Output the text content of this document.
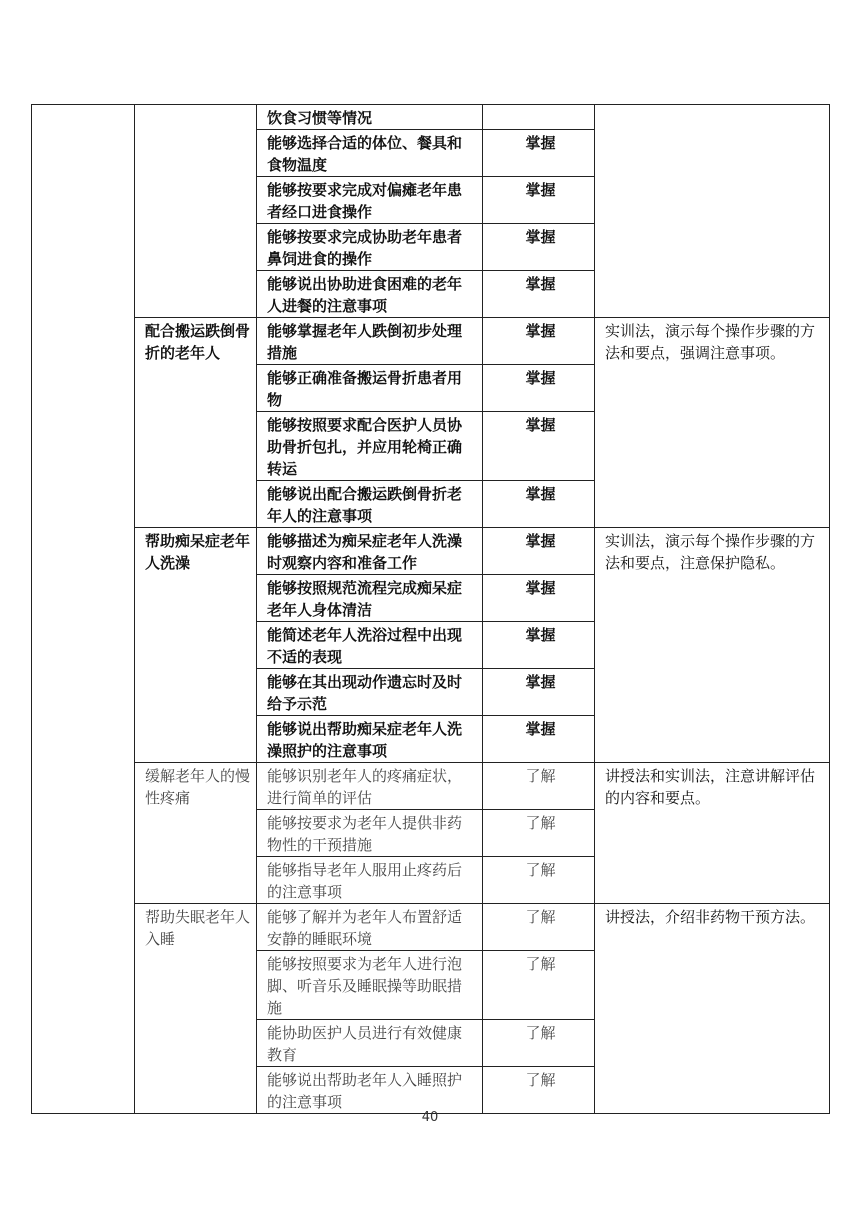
		饮食习惯等情况		
		能够选择合适的体位、餐具和食物温度	掌握	
		能够按要求完成对偏瘫老年患者经口进食操作	掌握	
		能够按要求完成协助老年患者鼻饲进食的操作	掌握	
		能够说出协助进食困难的老年人进餐的注意事项	掌握	
	配合搬运跌倒骨折的老年人	能够掌握老年人跌倒初步处理措施	掌握	实训法，演示每个操作步骤的方法和要点，强调注意事项。
		能够正确准备搬运骨折患者用物	掌握	
		能够按照要求配合医护人员协助骨折包扎，并应用轮椅正确转运	掌握	
		能够说出配合搬运跌倒骨折老年人的注意事项	掌握	
	帮助痴呆症老年人洗澡	能够描述为痴呆症老年人洗澡时观察内容和准备工作	掌握	实训法，演示每个操作步骤的方法和要点，注意保护隐私。
		能够按照规范流程完成痴呆症老年人身体清洁	掌握	
		能简述老年人洗浴过程中出现不适的表现	掌握	
		能够在其出现动作遗忘时及时给予示范	掌握	
		能够说出帮助痴呆症老年人洗澡照护的注意事项	掌握	
	缓解老年人的慢性疼痛	能够识别老年人的疼痛症状，进行简单的评估	了解	讲授法和实训法，注意讲解评估的内容和要点。
		能够按要求为老年人提供非药物性的干预措施	了解	
		能够指导老年人服用止疼药后的注意事项	了解	
	帮助失眠老年人入睡	能够了解并为老年人布置舒适安静的睡眠环境	了解	讲授法，介绍非药物干预方法。
		能够按照要求为老年人进行泡脚、听音乐及睡眠操等助眠措施	了解	
		能协助医护人员进行有效健康教育	了解	
		能够说出帮助老年人入睡照护的注意事项	了解	
40
